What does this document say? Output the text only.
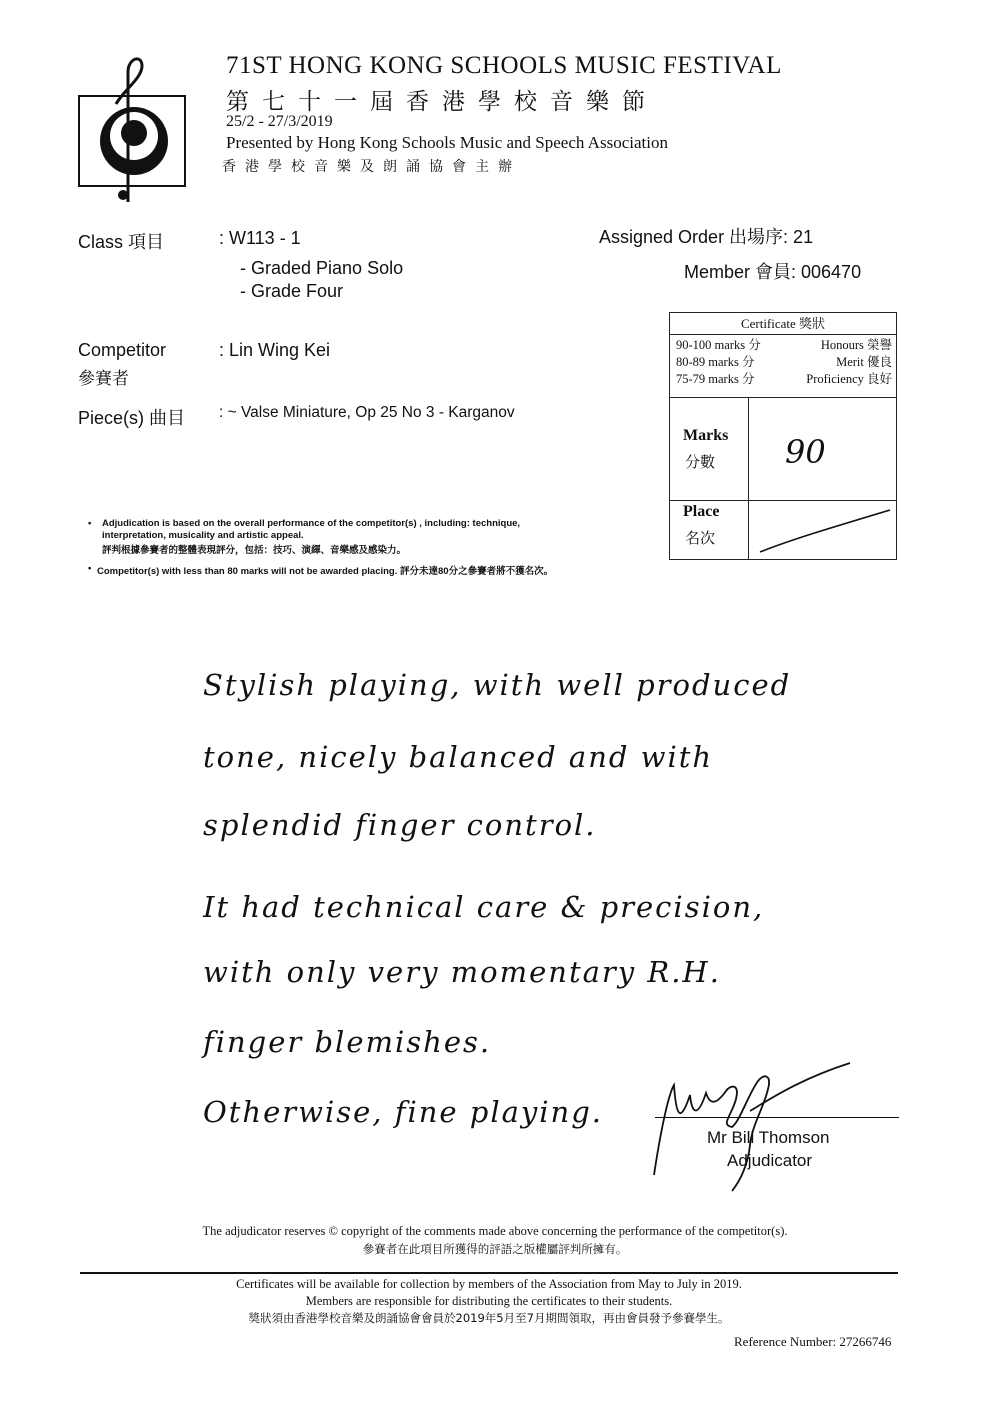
71ST HONG KONG SCHOOLS MUSIC FESTIVAL
第七十一屆香港學校音樂節
25/2 - 27/3/2019
Presented by Hong Kong Schools Music and Speech Association
香港學校音樂及朗誦協會主辦
Class 項目	: W113 - 1
- Graded Piano Solo
- Grade Four
Assigned Order 出場序: 21
Member 會員: 006470
Competitor
參賽者
: Lin Wing Kei
Piece(s) 曲目 : ~ Valse Miniature, Op 25 No 3 - Karganov
Certificate 獎狀
90-100 marks 分	Honours 榮譽
80-89 marks 分	Merit 優良
75-79 marks 分	Proficiency 良好
Marks
分數 90
Place
名次
• Adjudication is based on the overall performance of the competitor(s) , including: technique,
interpretation, musicality and artistic appeal.
評判根據參賽者的整體表現評分，包括：技巧、演繹、音樂感及感染力。
• Competitor(s) with less than 80 marks will not be awarded placing. 評分未達80分之參賽者將不獲名次。
Stylish playing, with well produced
tone, nicely balanced and with
splendid finger control.
It had technical care & precision,
with only very momentary R.H.
finger blemishes.
Otherwise, fine playing.
Mr Bill Thomson
Adjudicator
The adjudicator reserves © copyright of the comments made above concerning the performance of the competitor(s).
參賽者在此項目所獲得的評語之版權屬評判所擁有。
Certificates will be available for collection by members of the Association from May to July in 2019.
Members are responsible for distributing the certificates to their students.
獎狀須由香港學校音樂及朗誦協會會員於2019年5月至7月期間領取，再由會員發予參賽學生。
Reference Number: 27266746
